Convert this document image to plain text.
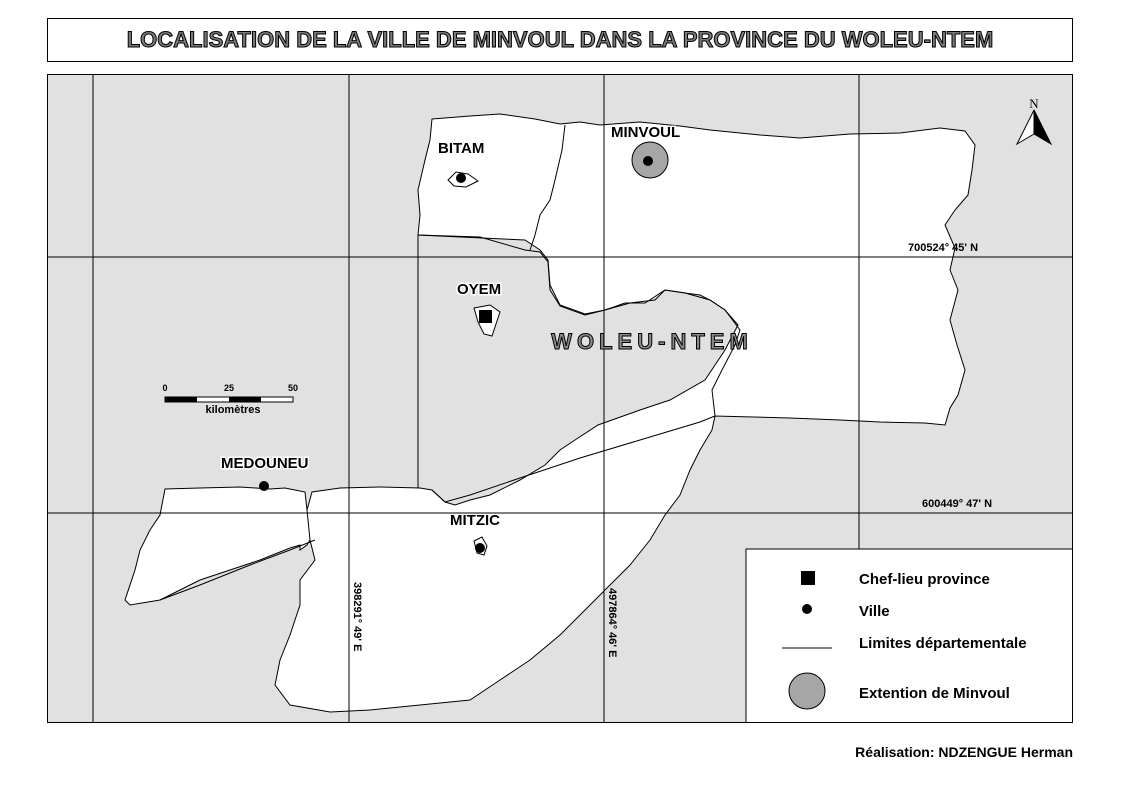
LOCALISATION DE LA VILLE DE MINVOUL DANS LA PROVINCE DU WOLEU-NTEM
700524° 45' N
600449° 47' N
398291° 49' E	497864° 46' E
BITAM
MINVOUL
OYEM
MEDOUNEU
MITZIC
WOLEU-NTEM
N
0	25	50
kilomètres
Chef-lieu province
Ville
Limites départementale
Extention de Minvoul
Réalisation: NDZENGUE Herman
